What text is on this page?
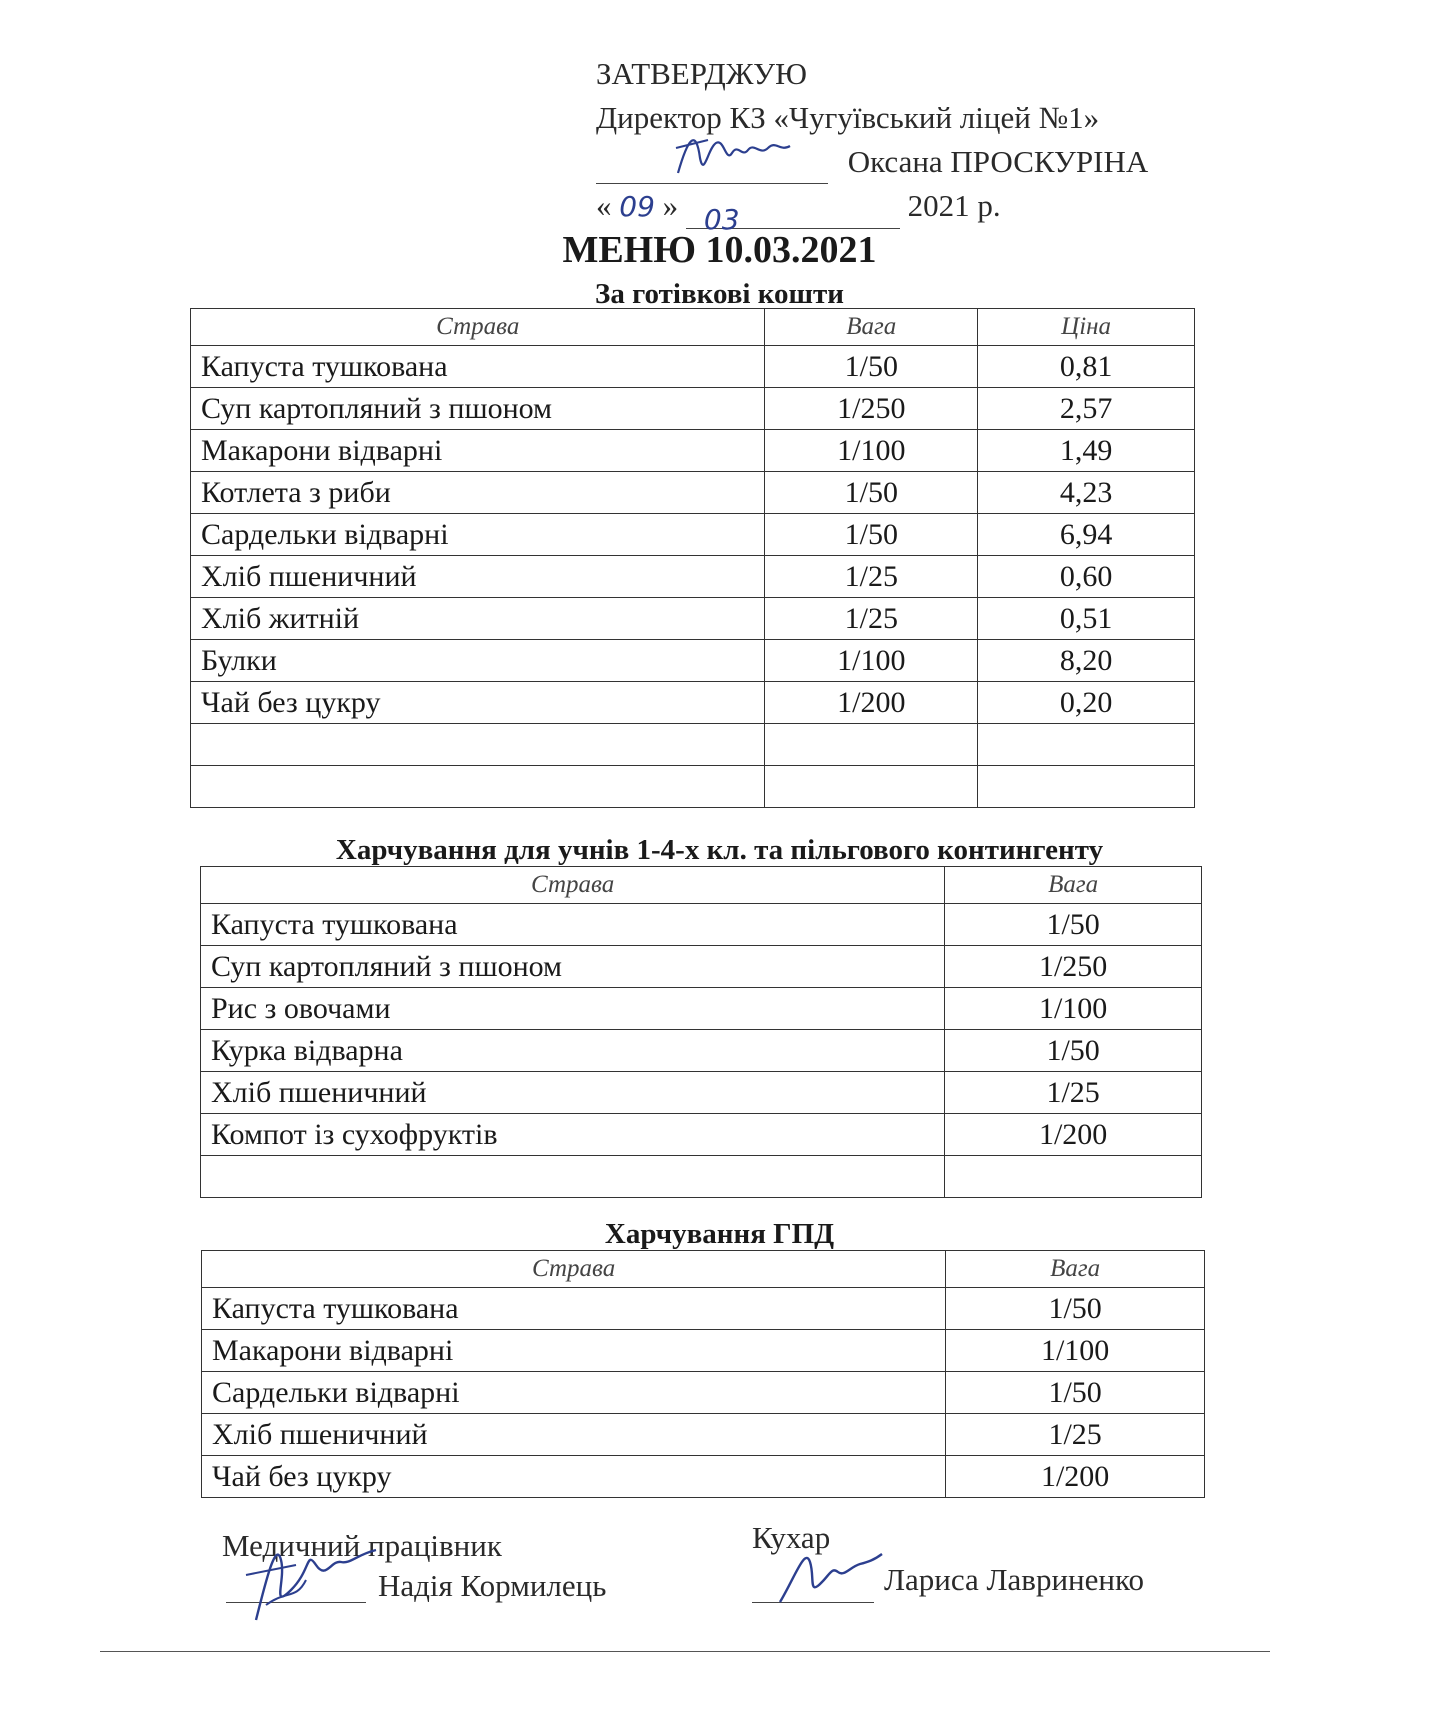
ЗАТВЕРДЖУЮ
Директор КЗ «Чугуївський ліцей №1»
Оксана ПРОСКУРІНА
« 09 » 03	2021 р.
МЕНЮ 10.03.2021
За готівкові кошти
Страва	Вага	Ціна
Капуста тушкована	1/50	0,81
Суп картопляний з пшоном	1/250	2,57
Макарони відварні	1/100	1,49
Котлета з риби	1/50	4,23
Сардельки відварні	1/50	6,94
Хліб пшеничний	1/25	0,60
Хліб житній	1/25	0,51
Булки	1/100	8,20
Чай без цукру	1/200	0,20

Харчування для учнів 1-4-х кл. та пільгового контингенту
Страва	Вага
Капуста тушкована	1/50
Суп картопляний з пшоном	1/250
Рис з овочами	1/100
Курка відварна	1/50
Хліб пшеничний	1/25
Компот із сухофруктів	1/200

Харчування ГПД
Страва	Вага
Капуста тушкована	1/50
Макарони відварні	1/100
Сардельки відварні	1/50
Хліб пшеничний	1/25
Чай без цукру	1/200
Медичний працівник
Надія Кормилець
Кухар
Лариса Лавриненко
